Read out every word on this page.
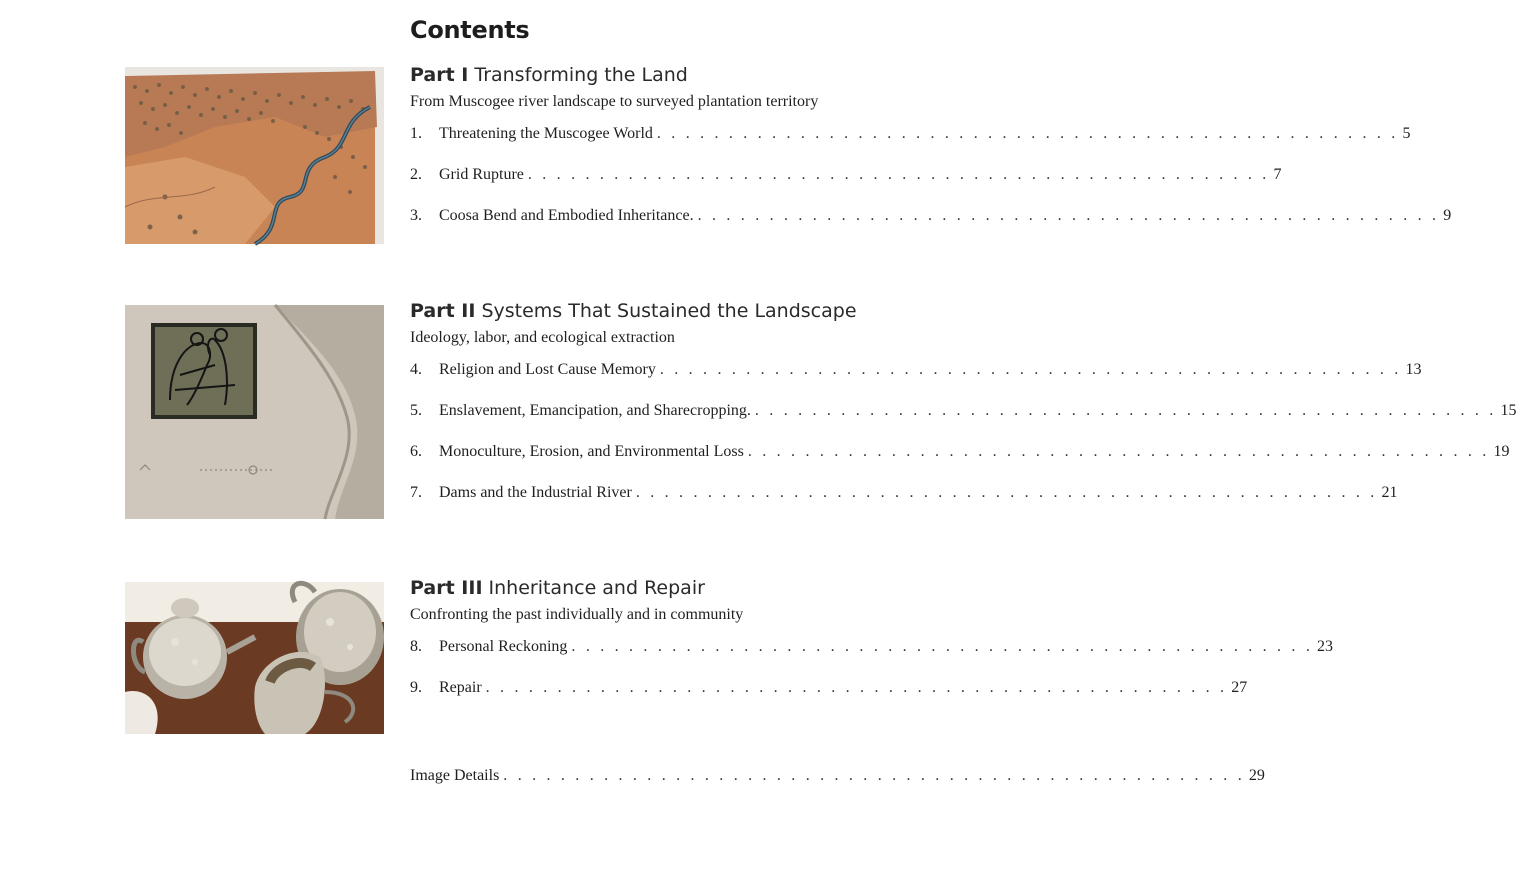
Contents
Part I Transforming the Land
From Muscogee river landscape to surveyed plantation territory
1.	Threatening the Muscogee World . . . . . . . . . . . . . . . . . . . . . . . . . . . . . . . . . . . . . . . . . . . . . . . . . . . . 5
2.	Grid Rupture . . . . . . . . . . . . . . . . . . . . . . . . . . . . . . . . . . . . . . . . . . . . . . . . . . . . 7
3.	Coosa Bend and Embodied Inheritance. . . . . . . . . . . . . . . . . . . . . . . . . . . . . . . . . . . . . . . . . . . . . . . . . . . . . 9
Part II Systems That Sustained the Landscape
Ideology, labor, and ecological extraction
4.	Religion and Lost Cause Memory . . . . . . . . . . . . . . . . . . . . . . . . . . . . . . . . . . . . . . . . . . . . . . . . . . . . 13
5.	Enslavement, Emancipation, and Sharecropping. . . . . . . . . . . . . . . . . . . . . . . . . . . . . . . . . . . . . . . . . . . . . . . . . . . . . 15
6.	Monoculture, Erosion, and Environmental Loss . . . . . . . . . . . . . . . . . . . . . . . . . . . . . . . . . . . . . . . . . . . . . . . . . . . . 19
7.	Dams and the Industrial River . . . . . . . . . . . . . . . . . . . . . . . . . . . . . . . . . . . . . . . . . . . . . . . . . . . . 21
Part III Inheritance and Repair
Confronting the past individually and in community
8.	Personal Reckoning . . . . . . . . . . . . . . . . . . . . . . . . . . . . . . . . . . . . . . . . . . . . . . . . . . . . 23
9.	Repair . . . . . . . . . . . . . . . . . . . . . . . . . . . . . . . . . . . . . . . . . . . . . . . . . . . . 27
Image Details . . . . . . . . . . . . . . . . . . . . . . . . . . . . . . . . . . . . . . . . . . . . . . . . . . . . 29
